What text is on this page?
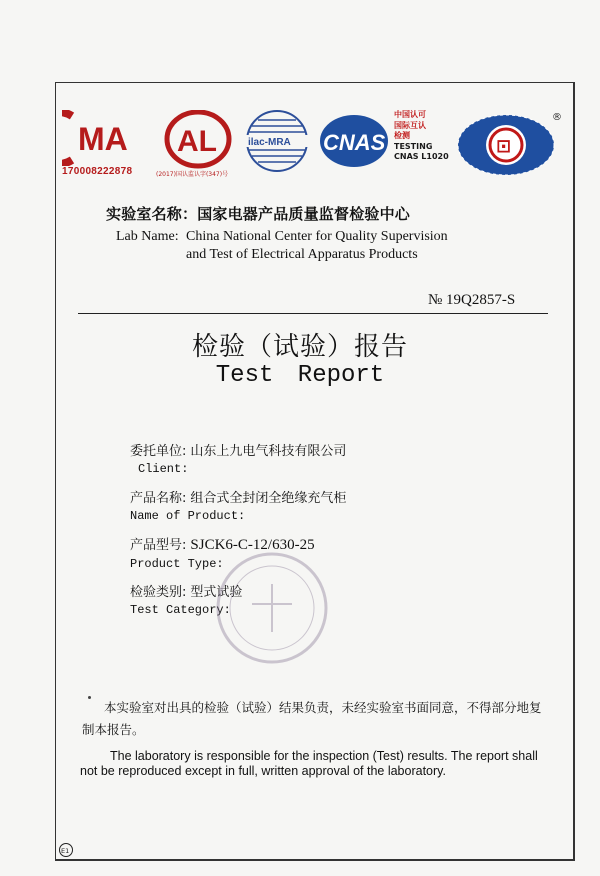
MA
170008222878
AL
(2017)国认监认字(347)号
ilac-MRA CNAS
中国认可
国际互认
检测
TESTING
CNAS L1020	⊡
®
实验室名称：国家电器产品质量监督检验中心
Lab Name: China National Center for Quality Supervision
and Test of Electrical Apparatus Products
№ 19Q2857-S
检验（试验）报告
Test Report
委托单位: 山东上九电气科技有限公司
Client:
产品名称: 组合式全封闭全绝缘充气柜
Name of Product:
产品型号: SJCK6-C-12/630-25
Product Type:
检验类别: 型式试验
Test Category:
本实验室对出具的检验（试验）结果负责，未经实验室书面同意，不得部分地复制本报告。
The laboratory is responsible for the inspection (Test) results. The report shall
not be reproduced except in full, written approval of the laboratory.
E1
